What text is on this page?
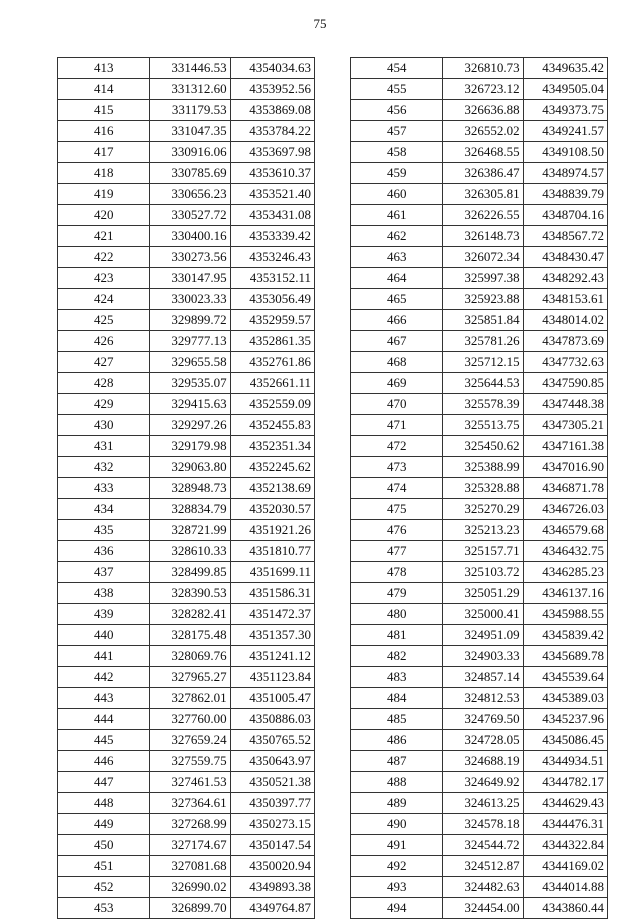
75
413	331446.53	4354034.63
414	331312.60	4353952.56
415	331179.53	4353869.08
416	331047.35	4353784.22
417	330916.06	4353697.98
418	330785.69	4353610.37
419	330656.23	4353521.40
420	330527.72	4353431.08
421	330400.16	4353339.42
422	330273.56	4353246.43
423	330147.95	4353152.11
424	330023.33	4353056.49
425	329899.72	4352959.57
426	329777.13	4352861.35
427	329655.58	4352761.86
428	329535.07	4352661.11
429	329415.63	4352559.09
430	329297.26	4352455.83
431	329179.98	4352351.34
432	329063.80	4352245.62
433	328948.73	4352138.69
434	328834.79	4352030.57
435	328721.99	4351921.26
436	328610.33	4351810.77
437	328499.85	4351699.11
438	328390.53	4351586.31
439	328282.41	4351472.37
440	328175.48	4351357.30
441	328069.76	4351241.12
442	327965.27	4351123.84
443	327862.01	4351005.47
444	327760.00	4350886.03
445	327659.24	4350765.52
446	327559.75	4350643.97
447	327461.53	4350521.38
448	327364.61	4350397.77
449	327268.99	4350273.15
450	327174.67	4350147.54
451	327081.68	4350020.94
452	326990.02	4349893.38
453	326899.70	4349764.87
454	326810.73	4349635.42
455	326723.12	4349505.04
456	326636.88	4349373.75
457	326552.02	4349241.57
458	326468.55	4349108.50
459	326386.47	4348974.57
460	326305.81	4348839.79
461	326226.55	4348704.16
462	326148.73	4348567.72
463	326072.34	4348430.47
464	325997.38	4348292.43
465	325923.88	4348153.61
466	325851.84	4348014.02
467	325781.26	4347873.69
468	325712.15	4347732.63
469	325644.53	4347590.85
470	325578.39	4347448.38
471	325513.75	4347305.21
472	325450.62	4347161.38
473	325388.99	4347016.90
474	325328.88	4346871.78
475	325270.29	4346726.03
476	325213.23	4346579.68
477	325157.71	4346432.75
478	325103.72	4346285.23
479	325051.29	4346137.16
480	325000.41	4345988.55
481	324951.09	4345839.42
482	324903.33	4345689.78
483	324857.14	4345539.64
484	324812.53	4345389.03
485	324769.50	4345237.96
486	324728.05	4345086.45
487	324688.19	4344934.51
488	324649.92	4344782.17
489	324613.25	4344629.43
490	324578.18	4344476.31
491	324544.72	4344322.84
492	324512.87	4344169.02
493	324482.63	4344014.88
494	324454.00	4343860.44
